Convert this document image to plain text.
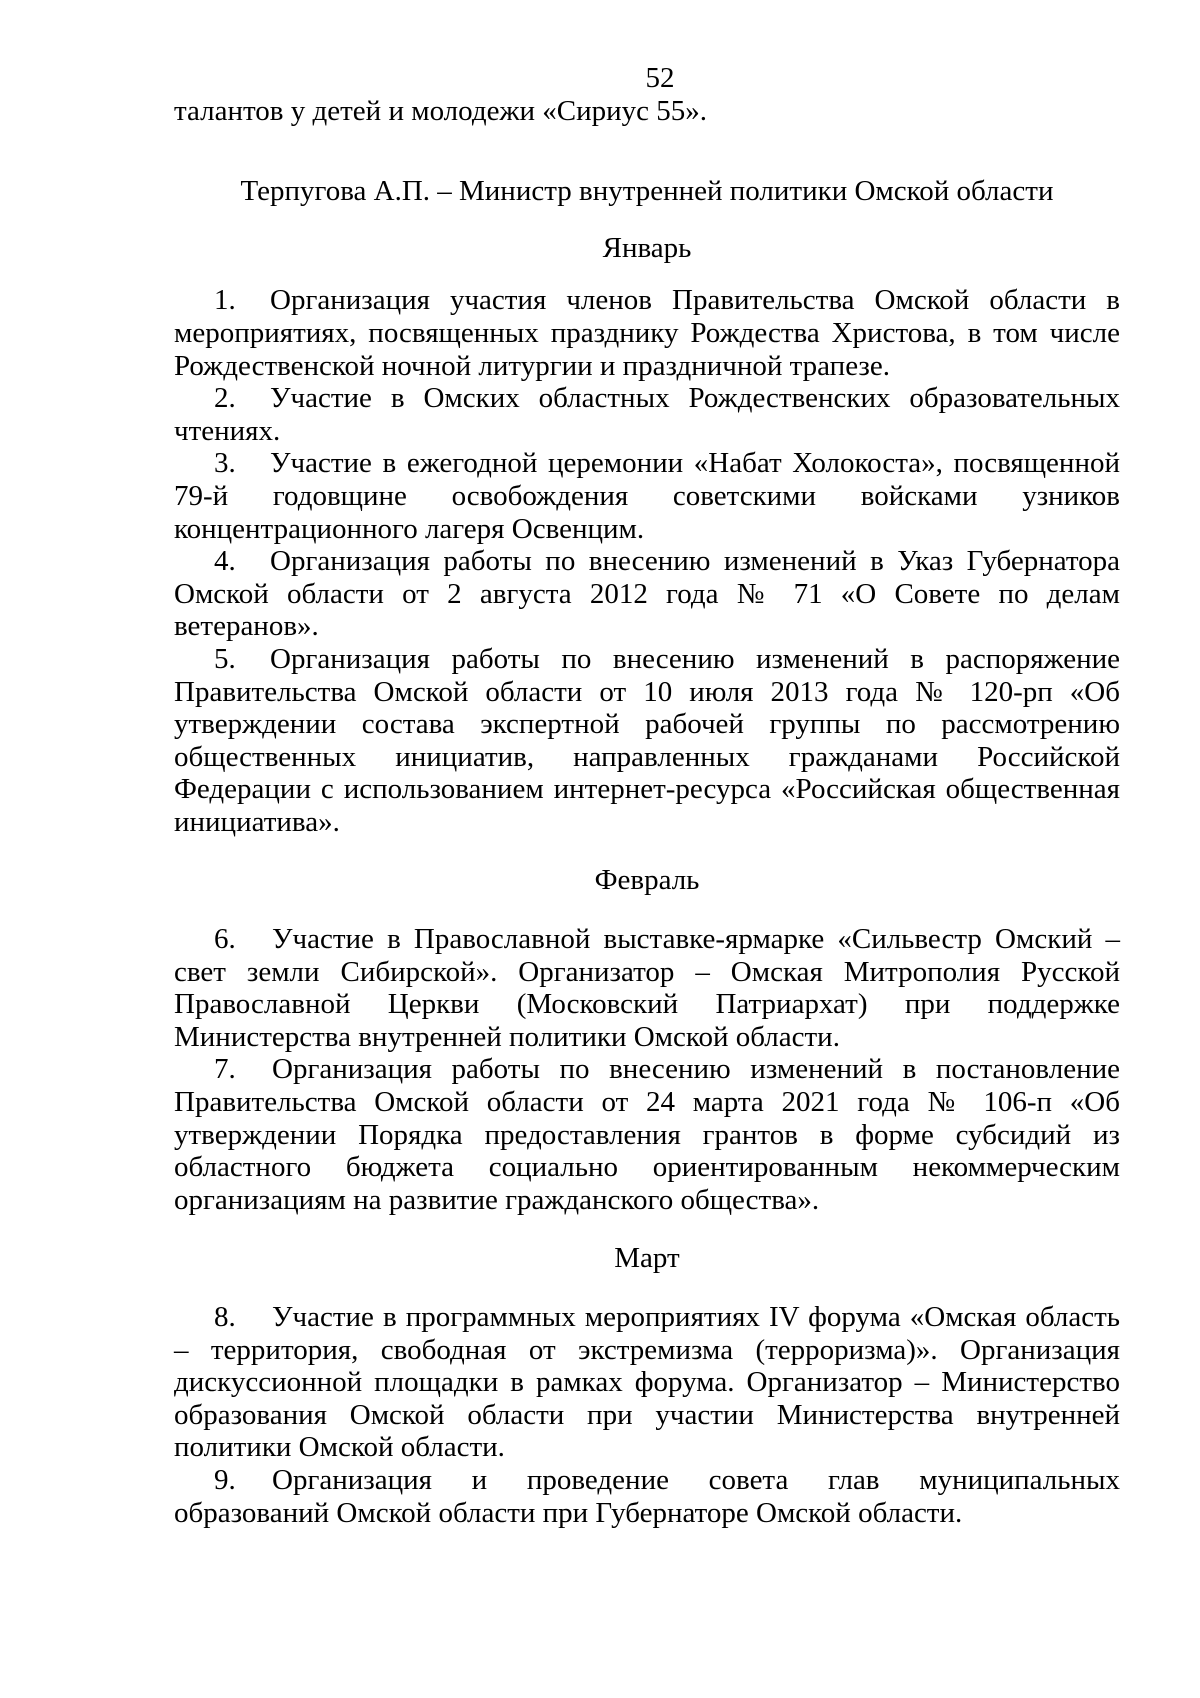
52

талантов у детей и молодежи «Сириус 55».

Терпугова А.П. – Министр внутренней политики Омской области

Январь

1. Организация участия членов Правительства Омской области в мероприятиях, посвященных празднику Рождества Христова, в том числе Рождественской ночной литургии и праздничной трапезе.

2. Участие в Омских областных Рождественских образовательных чтениях.

3. Участие в ежегодной церемонии «Набат Холокоста», посвященной 79-й годовщине освобождения советскими войсками узников концентрационного лагеря Освенцим.

4. Организация работы по внесению изменений в Указ Губернатора Омской области от 2 августа 2012 года № 71 «О Совете по делам ветеранов».

5. Организация работы по внесению изменений в распоряжение Правительства Омской области от 10 июля 2013 года № 120-рп «Об утверждении состава экспертной рабочей группы по рассмотрению общественных инициатив, направленных гражданами Российской Федерации с использованием интернет-ресурса «Российская общественная инициатива».

Февраль

6. Участие в Православной выставке-ярмарке «Сильвестр Омский – свет земли Сибирской». Организатор – Омская Митрополия Русской Православной Церкви (Московский Патриархат) при поддержке Министерства внутренней политики Омской области.

7. Организация работы по внесению изменений в постановление Правительства Омской области от 24 марта 2021 года № 106-п «Об утверждении Порядка предоставления грантов в форме субсидий из областного бюджета социально ориентированным некоммерческим организациям на развитие гражданского общества».

Март

8. Участие в программных мероприятиях IV форума «Омская область – территория, свободная от экстремизма (терроризма)». Организация дискуссионной площадки в рамках форума. Организатор – Министерство образования Омской области при участии Министерства внутренней политики Омской области.

9. Организация и проведение совета глав муниципальных образований Омской области при Губернаторе Омской области.
